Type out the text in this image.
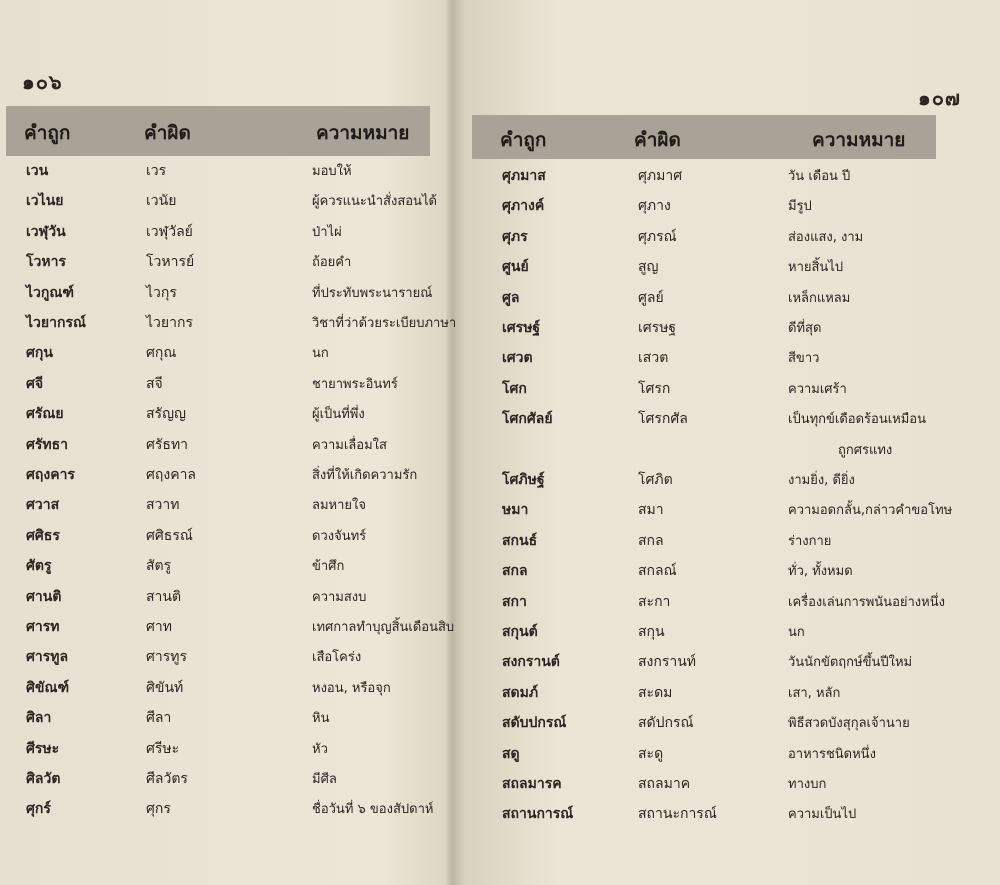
๑๐๖
คำถูก	คำผิด	ความหมาย
เวน	เวร	มอบให้
เวไนย	เวนัย	ผู้ควรแนะนำสั่งสอนได้
เวฬุวัน	เวฬุวัลย์	ป่าไผ่
โวหาร	โวหารย์	ถ้อยคำ
ไวกูณฑ์	ไวกุร	ที่ประทับพระนารายณ์
ไวยากรณ์	ไวยากร	วิชาที่ว่าด้วยระเบียบภาษา
ศกุน	ศกุณ	นก
ศจี	สจี	ชายาพระอินทร์
ศรัณย	สรัญญ	ผู้เป็นที่พึ่ง
ศรัทธา	ศรัธทา	ความเลื่อมใส
ศฤงคาร	ศฤงคาล	สิ่งที่ให้เกิดความรัก
ศวาส	สวาท	ลมหายใจ
ศศิธร	ศศิธรณ์	ดวงจันทร์
ศัตรู	สัตรู	ข้าศึก
ศานติ	สานติ	ความสงบ
ศารท	ศาท	เทศกาลทำบุญสิ้นเดือนสิบ
ศารทูล	ศารทูร	เสือโคร่ง
ศิขัณฑ์	ศิขันท์	หงอน, หรือจุก
ศิลา	ศีลา	หิน
ศีรษะ	ศรีษะ	หัว
ศิลวัต	ศีลวัตร	มีศีล
ศุกร์	ศุกร	ชื่อวันที่ ๖ ของสัปดาห์
๑๐๗
คำถูก	คำผิด	ความหมาย
ศุภมาส	ศุภมาศ	วัน เดือน ปี
ศุภางค์	ศุภาง	มีรูป
ศุภร	ศุภรณ์	ส่องแสง, งาม
ศูนย์	สูญ	หายสิ้นไป
ศูล	ศูลย์	เหล็กแหลม
เศรษฐ์	เศรษฐ	ดีที่สุด
เศวต	เสวต	สีขาว
โศก	โศรก	ความเศร้า
โศกศัลย์	โศรกศัล	เป็นทุกข์เดือดร้อนเหมือน
ถูกศรแทง
โศภิษฐ์	โศภิต	งามยิ่ง, ดียิ่ง
ษมา	สมา	ความอดกลั้น,กล่าวคำขอโทษ
สกนธ์	สกล	ร่างกาย
สกล	สกลณ์	ทั่ว, ทั้งหมด
สกา	สะกา	เครื่องเล่นการพนันอย่างหนึ่ง
สกุนต์	สกุน	นก
สงกรานต์	สงกรานท์	วันนักขัตฤกษ์ขึ้นปีใหม่
สดมภ์	สะดม	เสา, หลัก
สดับปกรณ์	สดัปกรณ์	พิธีสวดบังสุกุลเจ้านาย
สดู	สะดู	อาหารชนิดหนึ่ง
สถลมารค	สถลมาค	ทางบก
สถานการณ์	สถานะการณ์	ความเป็นไป
